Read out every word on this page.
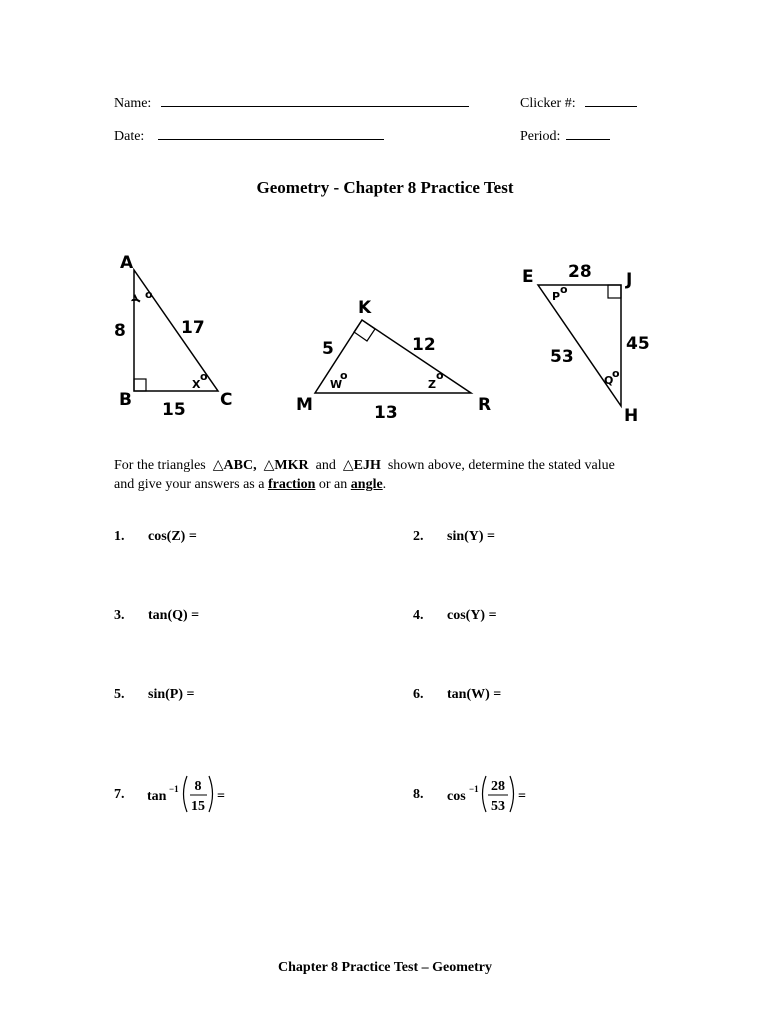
Name:
Date:
Clicker #:
Period:
Geometry - Chapter 8 Practice Test
A
B	C
8	17
15
Y o
X
o
K
M	R
5	12
13
W
o
Z
o
E	J
H
28
45
53
P
o
Q
o
For the triangles △ABC, △MKR and △EJH shown above, determine the stated value
and give your answers as a fraction or an angle.
1. cos(Z) =	2. sin(Y) =
3. tan(Q) =	4. cos(Y) =
5. sin(P) =	6. tan(W) =
7. tan −1 8
15
=	8. cos −1 28
53
=
Chapter 8 Practice Test – Geometry
